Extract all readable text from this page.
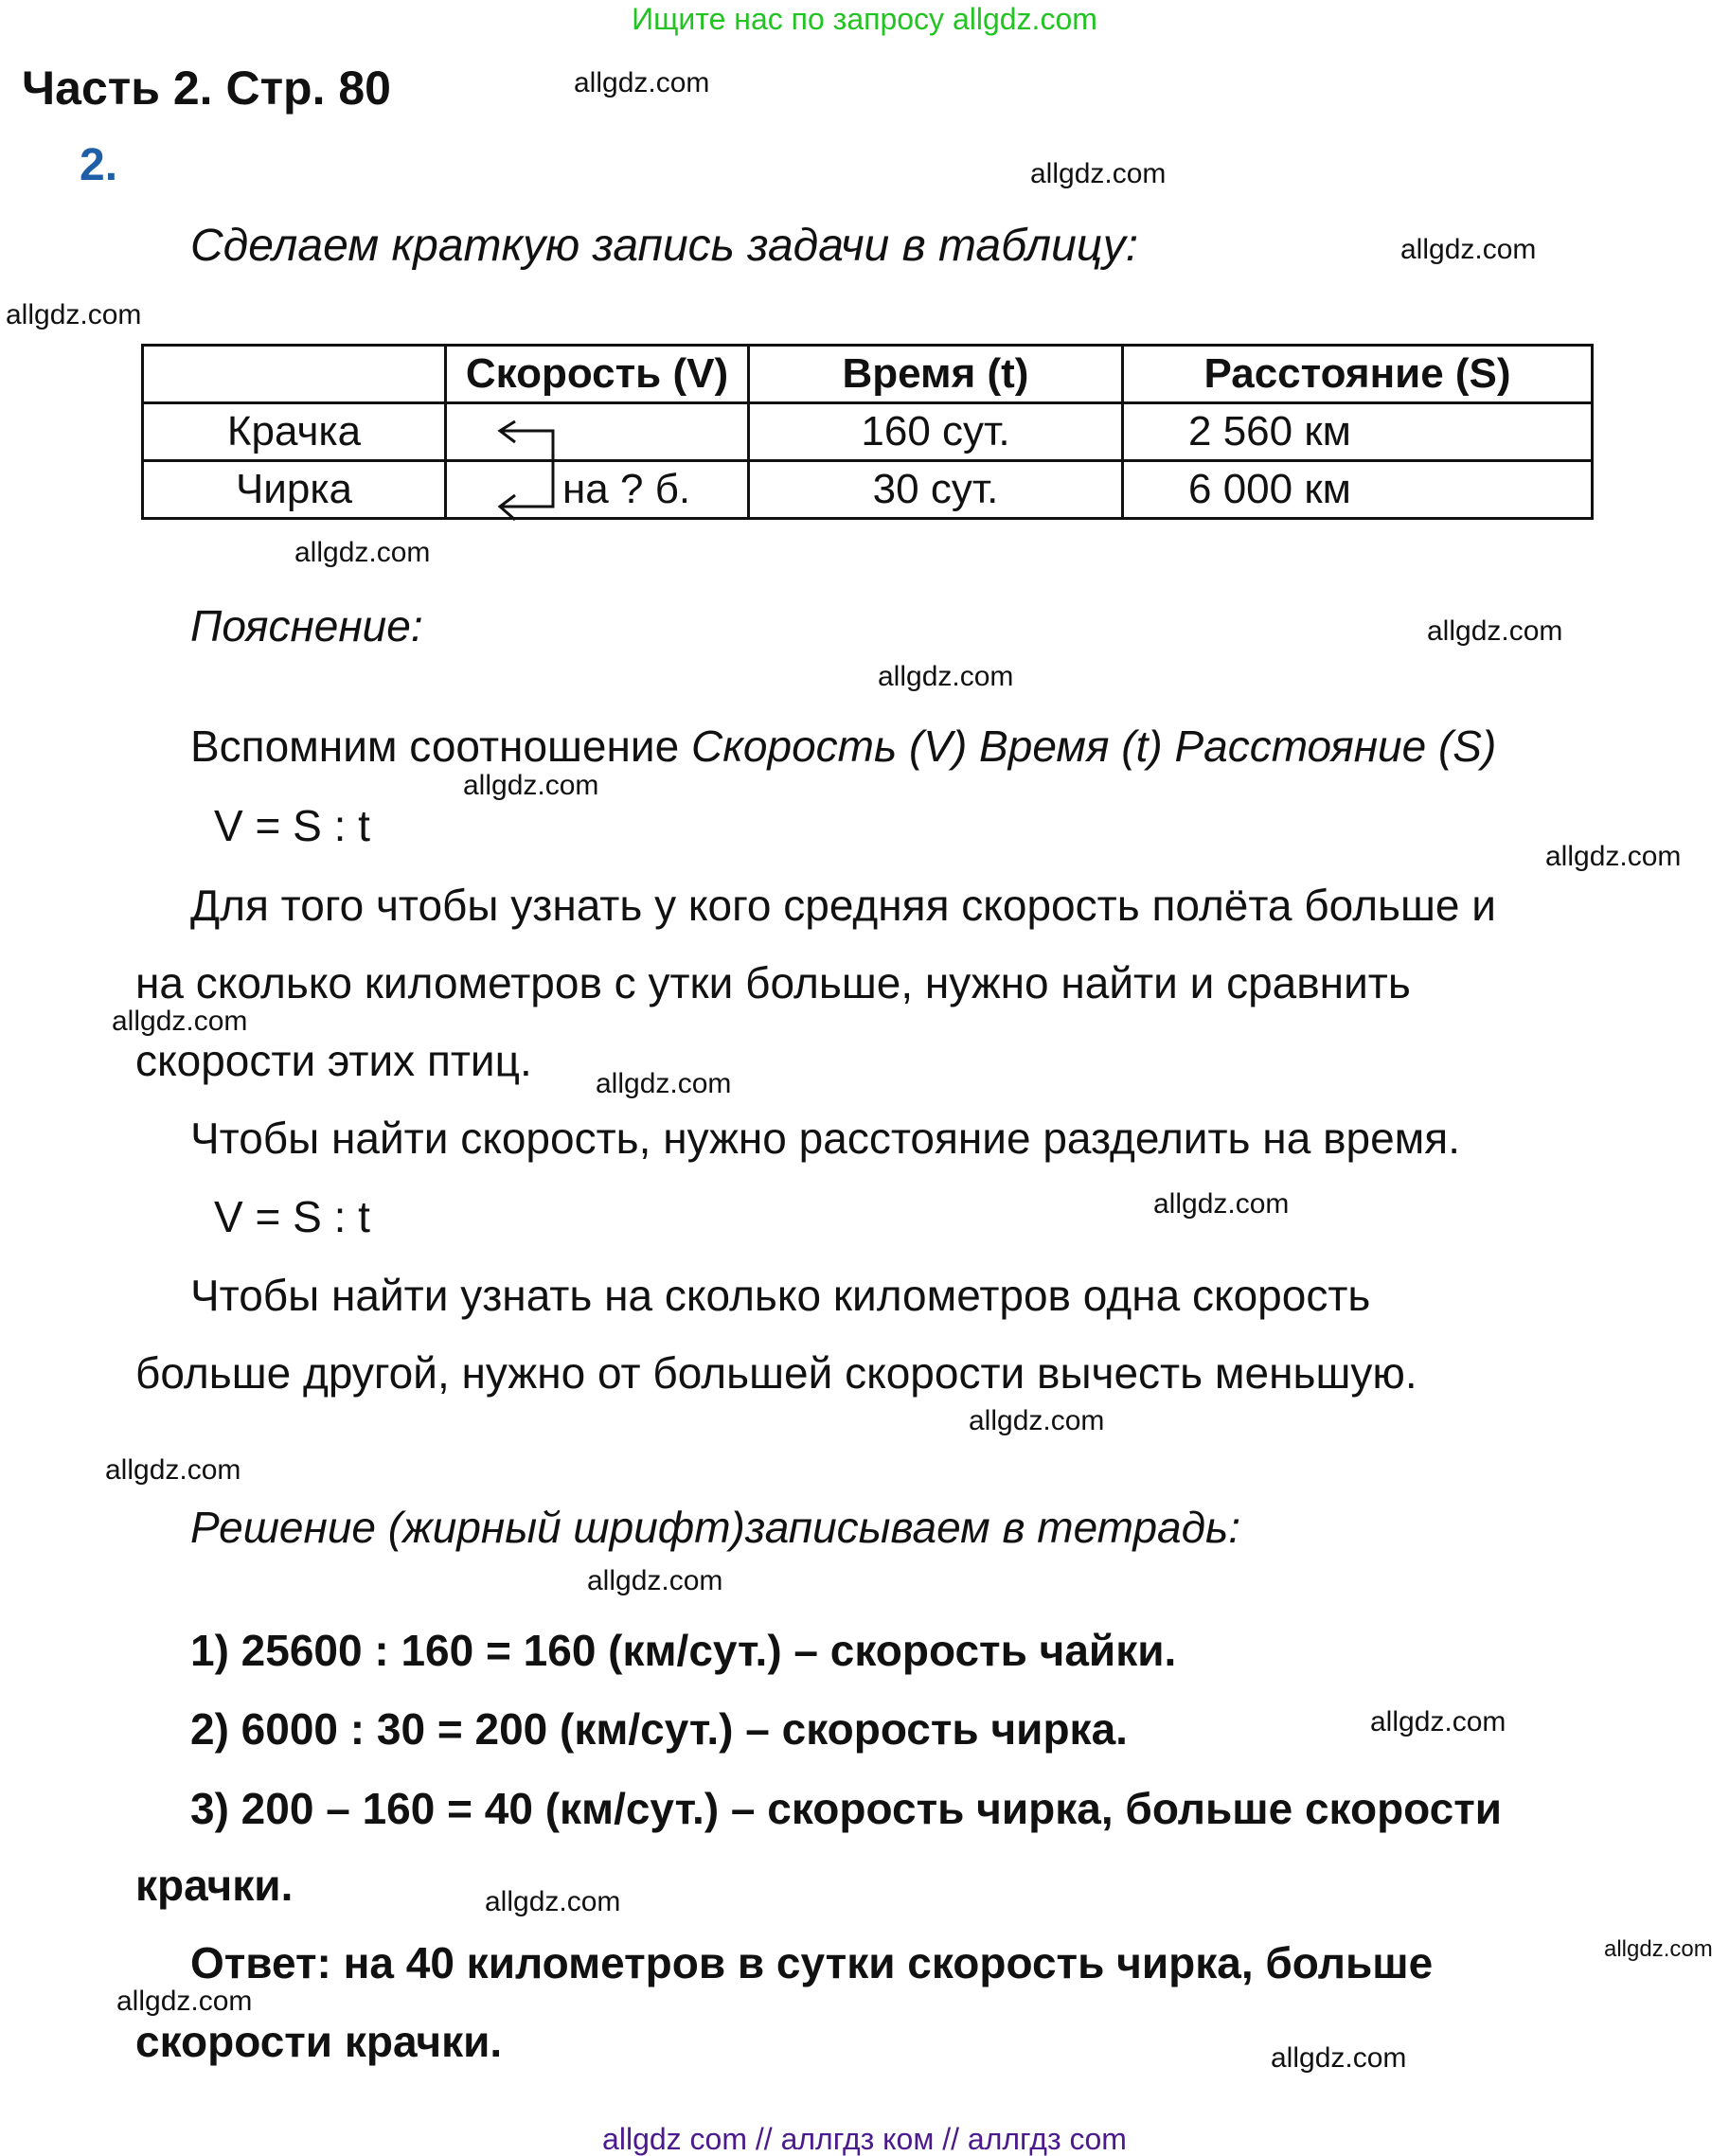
Ищите нас по запросу allgdz.com
Часть 2. Стр. 80
2.
Сделаем краткую запись задачи в таблицу:
	Скорость (V)	Время (t)	Расстояние (S)
Крачка		160 сут.	2 560 км
Чирка	на ? б.	30 сут.	6 000 км
Пояснение:
Вспомним соотношение Скорость (V) Время (t) Расстояние (S)
V = S : t
Для того чтобы узнать у кого средняя скорость полёта больше и
на сколько километров с утки больше, нужно найти и сравнить
скорости этих птиц.
Чтобы найти скорость, нужно расстояние разделить на время.
V = S : t
Чтобы найти узнать на сколько километров одна скорость
больше другой, нужно от большей скорости вычесть меньшую.
Решение (жирный шрифт)записываем в тетрадь:
1) 25600 : 160 = 160 (км/сут.) – скорость чайки.
2) 6000 : 30 = 200 (км/сут.) – скорость чирка.
3) 200 – 160 = 40 (км/сут.) – скорость чирка, больше скорости
крачки.
Ответ: на 40 километров в сутки скорость чирка, больше
скорости крачки.
allgdz.com
allgdz.com
allgdz.com
allgdz.com
allgdz.com
allgdz.com
allgdz.com
allgdz.com
allgdz.com
allgdz.com
allgdz.com
allgdz.com
allgdz.com
allgdz.com
allgdz.com
allgdz.com
allgdz.com
allgdz.com
allgdz.com
allgdz.com
allgdz com // аллгдз ком // аллгдз com
